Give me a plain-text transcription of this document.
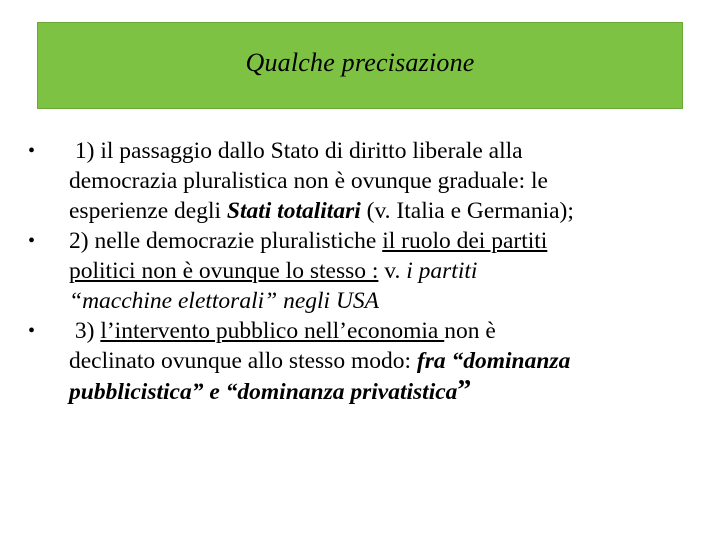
Qualche precisazione
• 1) il passaggio dallo Stato di diritto liberale alla
democrazia pluralistica non è ovunque graduale: le
esperienze degli Stati totalitari (v. Italia e Germania);
• 2) nelle democrazie pluralistiche il ruolo dei partiti
politici non è ovunque lo stesso : v. i partiti
“macchine elettorali” negli USA
• 3) l’intervento pubblico nell’economia non è
declinato ovunque allo stesso modo: fra “dominanza
pubblicistica” e “dominanza privatistica”
